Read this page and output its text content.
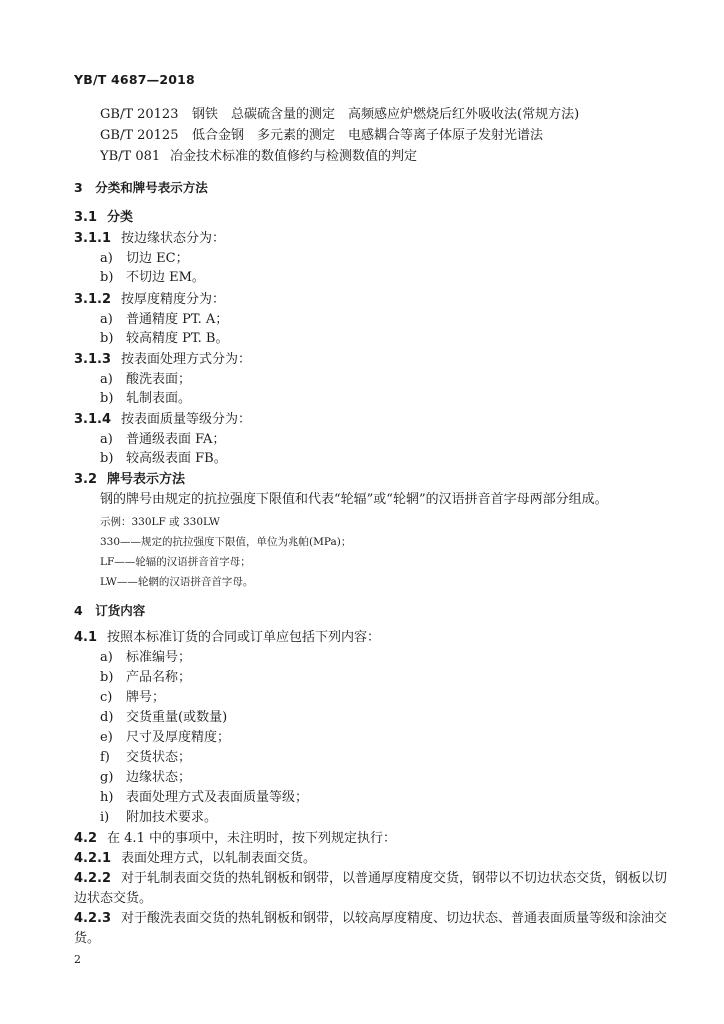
YB/T 4687—2018
GB/T 20123 钢铁　总碳硫含量的测定　高频感应炉燃烧后红外吸收法(常规方法)
GB/T 20125 低合金钢　多元素的测定　电感耦合等离子体原子发射光谱法
YB/T 081 冶金技术标准的数值修约与检测数值的判定
3　分类和牌号表示方法
3.1 分类
3.1.1 按边缘状态分为：
a) 切边 EC；
b) 不切边 EM。
3.1.2 按厚度精度分为：
a) 普通精度 PT. A；
b) 较高精度 PT. B。
3.1.3 按表面处理方式分为：
a) 酸洗表面；
b) 轧制表面。
3.1.4 按表面质量等级分为：
a) 普通级表面 FA；
b) 较高级表面 FB。
3.2 牌号表示方法
钢的牌号由规定的抗拉强度下限值和代表“轮辐”或“轮辋”的汉语拼音首字母两部分组成。
示例：330LF 或 330LW
330——规定的抗拉强度下限值，单位为兆帕(MPa)；
LF——轮辐的汉语拼音首字母；
LW——轮辋的汉语拼音首字母。
4　订货内容
4.1 按照本标准订货的合同或订单应包括下列内容：
a) 标准编号；
b) 产品名称；
c) 牌号；
d) 交货重量(或数量)
e) 尺寸及厚度精度；
f) 交货状态；
g) 边缘状态；
h) 表面处理方式及表面质量等级；
i) 附加技术要求。
4.2 在 4.1 中的事项中，未注明时，按下列规定执行：
4.2.1 表面处理方式，以轧制表面交货。
4.2.2 对于轧制表面交货的热轧钢板和钢带，以普通厚度精度交货，钢带以不切边状态交货，钢板以切
边状态交货。
4.2.3 对于酸洗表面交货的热轧钢板和钢带，以较高厚度精度、切边状态、普通表面质量等级和涂油交
货。
2
